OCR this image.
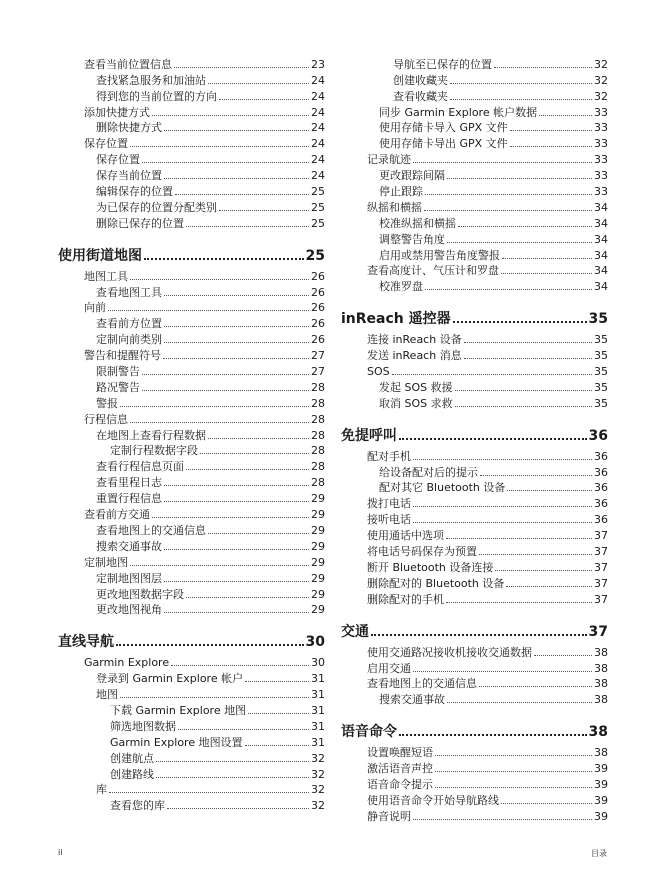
查看当前位置信息	23
查找紧急服务和加油站	24
得到您的当前位置的方向	24
添加快捷方式	24
删除快捷方式	24
保存位置	24
保存位置	24
保存当前位置	24
编辑保存的位置	25
为已保存的位置分配类别	25
删除已保存的位置	25
使用街道地图	25
地图工具	26
查看地图工具	26
向前	26
查看前方位置	26
定制向前类别	26
警告和提醒符号	27
限制警告	27
路况警告	28
警报	28
行程信息	28
在地图上查看行程数据	28
定制行程数据字段	28
查看行程信息页面	28
查看里程日志	28
重置行程信息	29
查看前方交通	29
查看地图上的交通信息	29
搜索交通事故	29
定制地图	29
定制地图图层	29
更改地图数据字段	29
更改地图视角	29
直线导航	30
Garmin Explore	30
登录到 Garmin Explore 帐户	31
地图	31
下载 Garmin Explore 地图	31
筛选地图数据	31
Garmin Explore 地图设置	31
创建航点	32
创建路线	32
库	32
查看您的库	32
导航至已保存的位置	32
创建收藏夹	32
查看收藏夹	32
同步 Garmin Explore 帐户数据	33
使用存储卡导入 GPX 文件	33
使用存储卡导出 GPX 文件	33
记录航迹	33
更改跟踪间隔	33
停止跟踪	33
纵摇和横摇	34
校准纵摇和横摇	34
调整警告角度	34
启用或禁用警告角度警报	34
查看高度计、气压计和罗盘	34
校准罗盘	34
inReach 遥控器	35
连接 inReach 设备	35
发送 inReach 消息	35
SOS	35
发起 SOS 救援	35
取消 SOS 求救	35
免提呼叫	36
配对手机	36
给设备配对后的提示	36
配对其它 Bluetooth 设备	36
拨打电话	36
接听电话	36
使用通话中选项	37
将电话号码保存为预置	37
断开 Bluetooth 设备连接	37
删除配对的 Bluetooth 设备	37
删除配对的手机	37
交通	37
使用交通路况接收机接收交通数据	38
启用交通	38
查看地图上的交通信息	38
搜索交通事故	38
语音命令	38
设置唤醒短语	38
激活语音声控	39
语音命令提示	39
使用语音命令开始导航路线	39
静音说明	39
ii	目录
